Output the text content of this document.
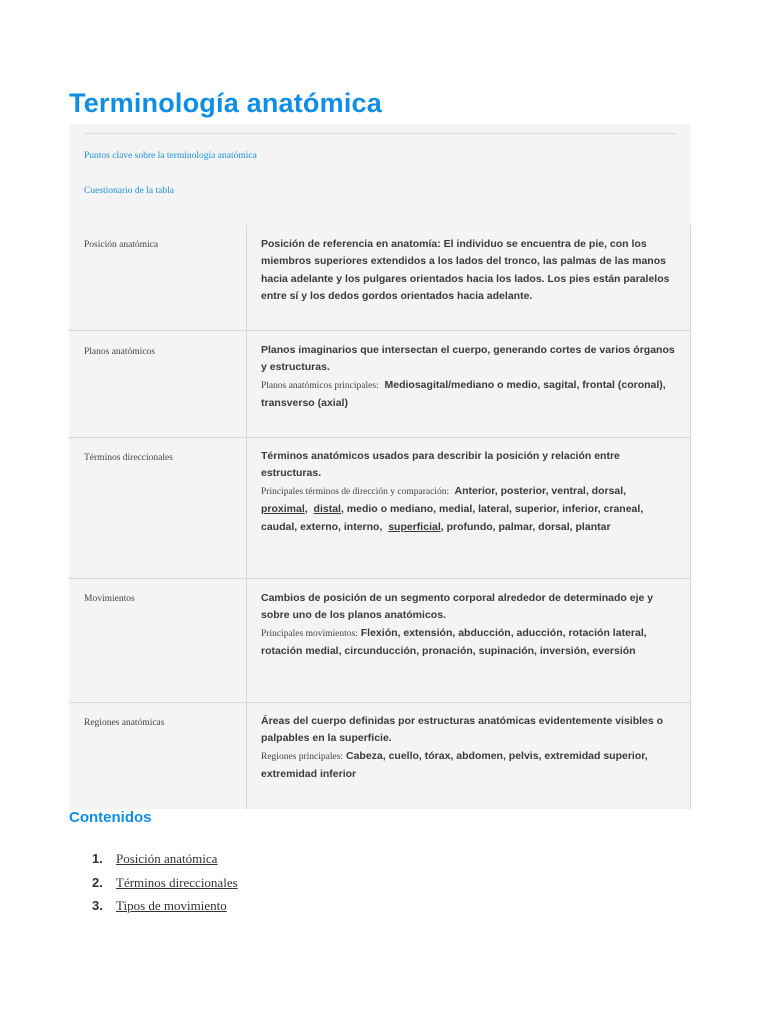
Terminología anatómica
Puntos clave sobre la terminología anatómica
Cuestionario de la tabla
Posición anatómica	Posición de referencia en anatomía: El individuo se encuentra de pie, con los miembros superiores extendidos a los lados del tronco, las palmas de las manos hacia adelante y los pulgares orientados hacia los lados. Los pies están paralelos entre sí y los dedos gordos orientados hacia adelante.
Planos anatómicos	Planos imaginarios que intersectan el cuerpo, generando cortes de varios órganos y estructuras.
Planos anatómicos principales: Mediosagital/mediano o medio, sagital, frontal (coronal), transverso (axial)
Términos direccionales	Términos anatómicos usados para describir la posición y relación entre estructuras.
Principales términos de dirección y comparación: Anterior, posterior, ventral, dorsal,  proximal, distal, medio o mediano, medial, lateral, superior, inferior, craneal, caudal, externo, interno, superficial, profundo, palmar, dorsal, plantar
Movimientos	Cambios de posición de un segmento corporal alrededor de determinado eje y sobre uno de los planos anatómicos.
Principales movimientos: Flexión, extensión, abducción, aducción, rotación lateral, rotación medial, circunducción, pronación, supinación, inversión, eversión
Regiones anatómicas	Áreas del cuerpo definidas por estructuras anatómicas evidentemente visibles o palpables en la superficie.
Regiones principales: Cabeza, cuello, tórax, abdomen, pelvis, extremidad superior, extremidad inferior
Contenidos
1.	Posición anatómica
2.	Términos direccionales
3.	Tipos de movimiento
